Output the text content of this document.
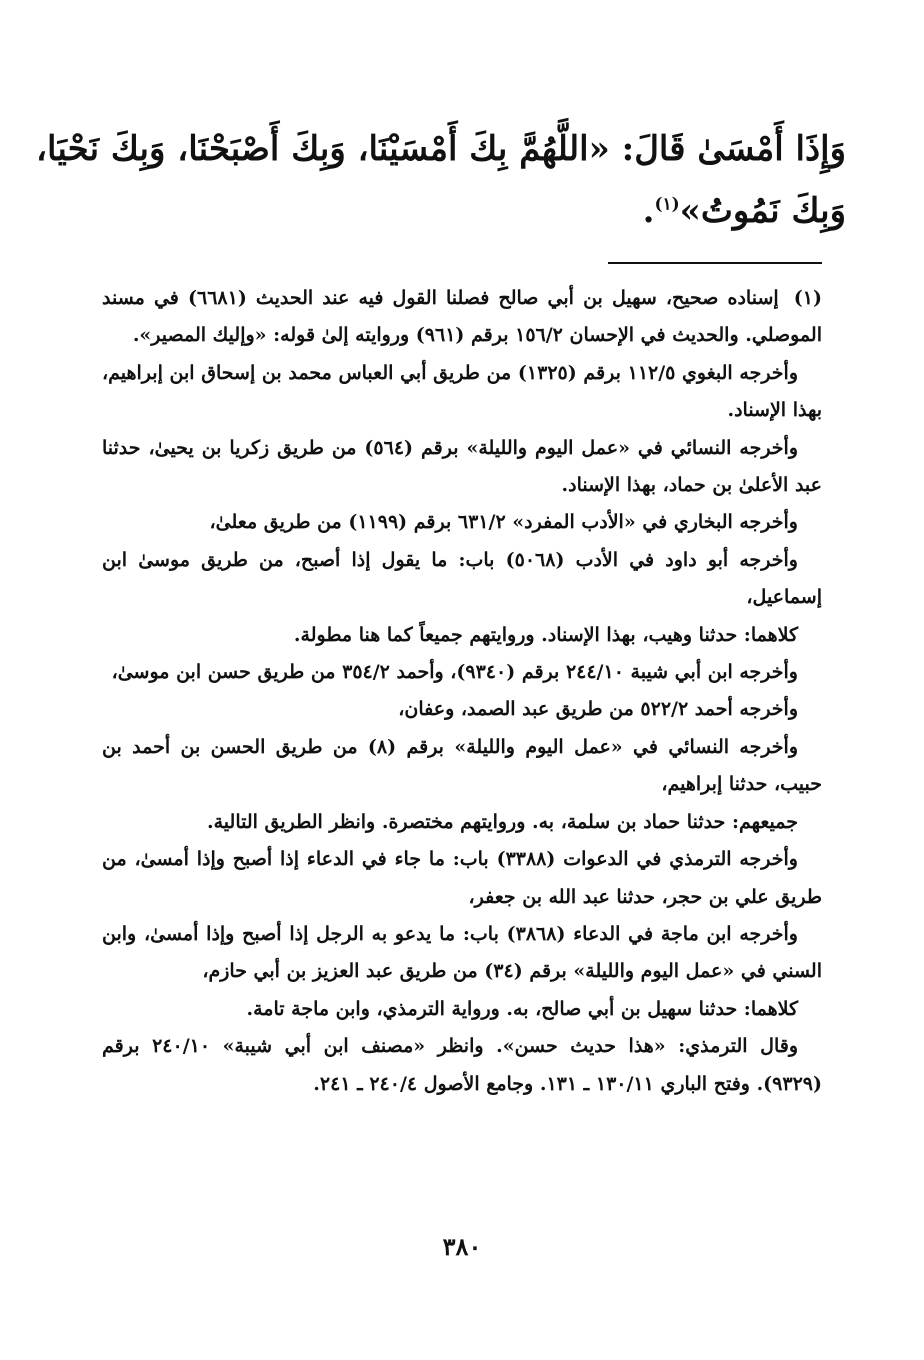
وَإِذَا أَمْسَىٰ قَالَ: «اللَّهُمَّ بِكَ أَمْسَيْنَا، وَبِكَ أَصْبَحْنَا، وَبِكَ نَحْيَا،
وَبِكَ نَمُوتُ»$^{(١)}$.

(١) إسناده صحيح، سهيل بن أبي صالح فصلنا القول فيه عند الحديث (٦٦٨١) في مسند الموصلي. والحديث في الإحسان ١٥٦/٢ برقم (٩٦١) وروايته إلىٰ قوله: «وإليك المصير».
وأخرجه البغوي ١١٢/٥ برقم (١٣٢٥) من طريق أبي العباس محمد بن إسحاق ابن إبراهيم، بهذا الإسناد.
وأخرجه النسائي في «عمل اليوم والليلة» برقم (٥٦٤) من طريق زكريا بن يحيىٰ، حدثنا عبد الأعلىٰ بن حماد، بهذا الإسناد.
وأخرجه البخاري في «الأدب المفرد» ٦٣١/٢ برقم (١١٩٩) من طريق معلىٰ،
وأخرجه أبو داود في الأدب (٥٠٦٨) باب: ما يقول إذا أصبح، من طريق موسىٰ ابن إسماعيل،
كلاهما: حدثنا وهيب، بهذا الإسناد. وروايتهم جميعاً كما هنا مطولة.
وأخرجه ابن أبي شيبة ٢٤٤/١٠ برقم (٩٣٤٠)، وأحمد ٣٥٤/٢ من طريق حسن ابن موسىٰ،
وأخرجه أحمد ٥٢٢/٢ من طريق عبد الصمد، وعفان،
وأخرجه النسائي في «عمل اليوم والليلة» برقم (٨) من طريق الحسن بن أحمد بن حبيب، حدثنا إبراهيم،
جميعهم: حدثنا حماد بن سلمة، به. وروايتهم مختصرة. وانظر الطريق التالية.
وأخرجه الترمذي في الدعوات (٣٣٨٨) باب: ما جاء في الدعاء إذا أصبح وإذا أمسىٰ، من طريق علي بن حجر، حدثنا عبد الله بن جعفر،
وأخرجه ابن ماجة في الدعاء (٣٨٦٨) باب: ما يدعو به الرجل إذا أصبح وإذا أمسىٰ، وابن السني في «عمل اليوم والليلة» برقم (٣٤) من طريق عبد العزيز بن أبي حازم،
كلاهما: حدثنا سهيل بن أبي صالح، به. ورواية الترمذي، وابن ماجة تامة.
وقال الترمذي: «هذا حديث حسن». وانظر «مصنف ابن أبي شيبة» ٢٤٠/١٠ برقم (٩٣٢٩). وفتح الباري ١٣٠/١١ ـ ١٣١. وجامع الأصول ٢٤٠/٤ ـ ٢٤١.
٣٨٠
